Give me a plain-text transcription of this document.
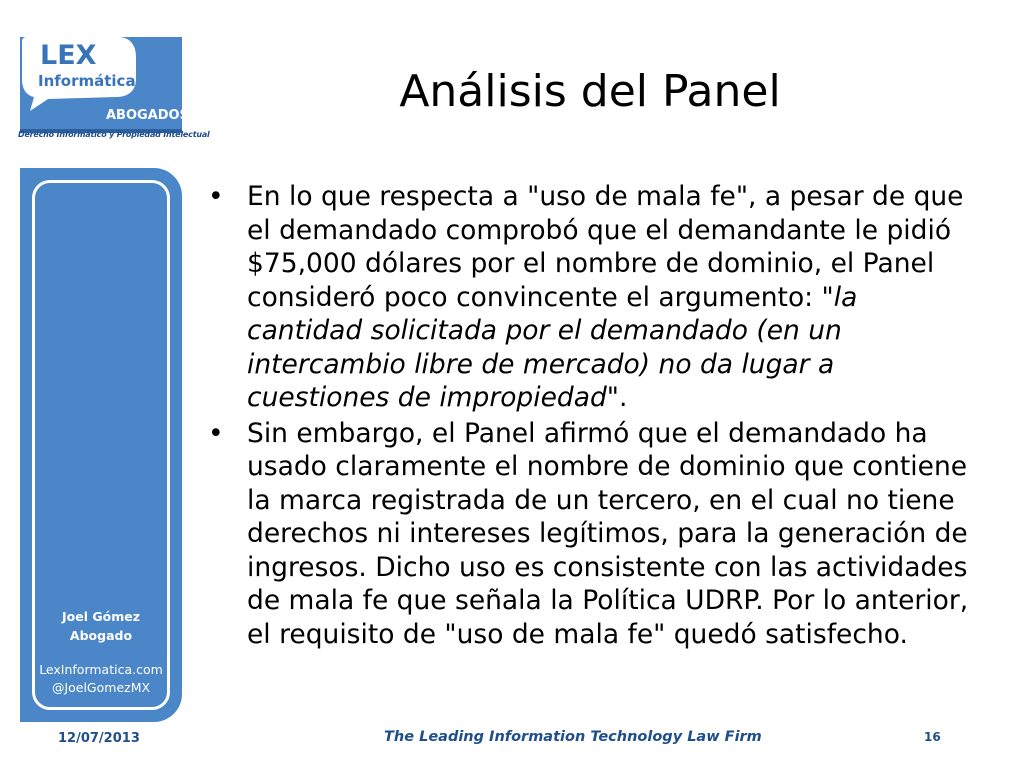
LEX
Informática
ABOGADOS
Derecho Informático y Propiedad Intelectual
Joel Gómez
Abogado
LexInformatica.com
@JoelGomezMX
Análisis del Panel
• En lo que respecta a "uso de mala fe", a pesar de que el demandado comprobó que el demandante le pidió $75,000 dólares por el nombre de dominio, el Panel consideró poco convincente el argumento: "la cantidad solicitada por el demandado (en un intercambio libre de mercado) no da lugar a cuestiones de impropiedad".
• Sin embargo, el Panel afirmó que el demandado ha usado claramente el nombre de dominio que contiene la marca registrada de un tercero, en el cual no tiene derechos ni intereses legítimos, para la generación de ingresos. Dicho uso es consistente con las actividades de mala fe que señala la Política UDRP. Por lo anterior, el requisito de "uso de mala fe" quedó satisfecho.
12/07/2013	The Leading Information Technology Law Firm	16
